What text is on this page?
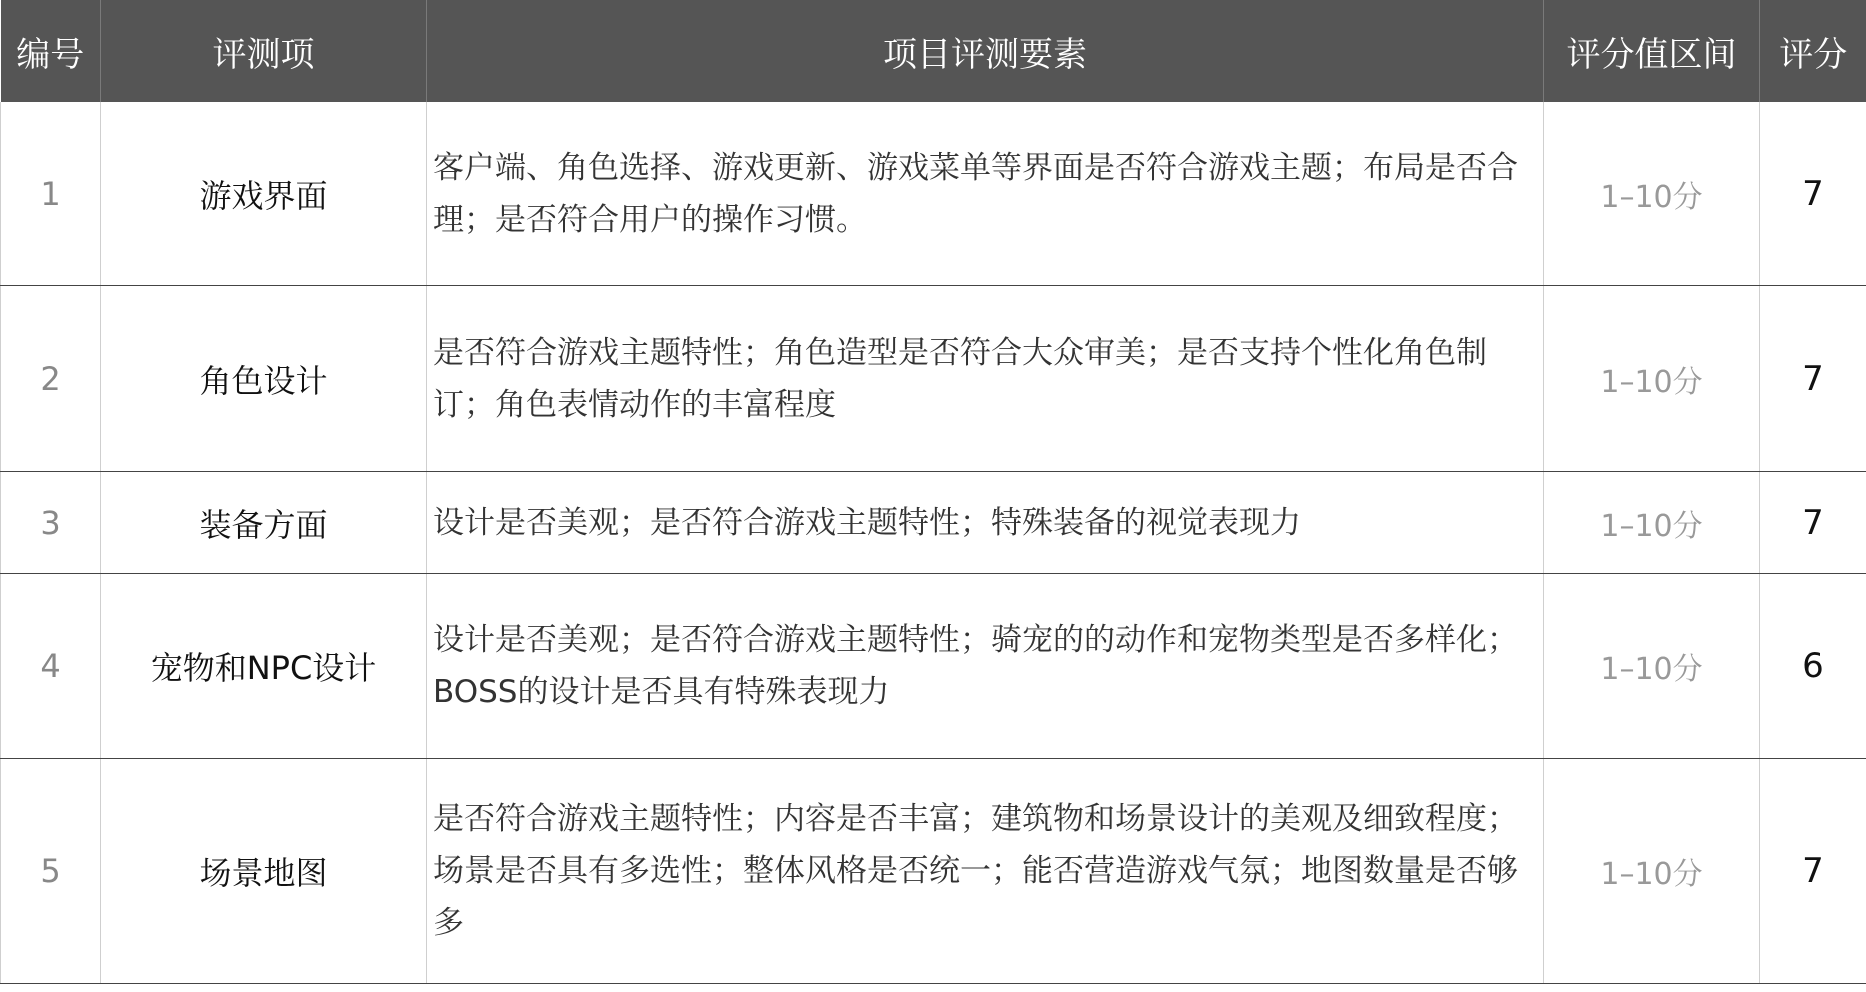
编号	评测项	项目评测要素	评分值区间	评分
1	游戏界面	客户端、角色选择、游戏更新、游戏菜单等界面是否符合游戏主题；布局是否合理；是否符合用户的操作习惯。	1–10分	7
2	角色设计	是否符合游戏主题特性；角色造型是否符合大众审美；是否支持个性化角色制订；角色表情动作的丰富程度	1–10分	7
3	装备方面	设计是否美观；是否符合游戏主题特性；特殊装备的视觉表现力	1–10分	7
4	宠物和NPC设计	设计是否美观；是否符合游戏主题特性；骑宠的的动作和宠物类型是否多样化；BOSS的设计是否具有特殊表现力	1–10分	6
5	场景地图	是否符合游戏主题特性；内容是否丰富；建筑物和场景设计的美观及细致程度；场景是否具有多选性；整体风格是否统一；能否营造游戏气氛；地图数量是否够多	1–10分	7
